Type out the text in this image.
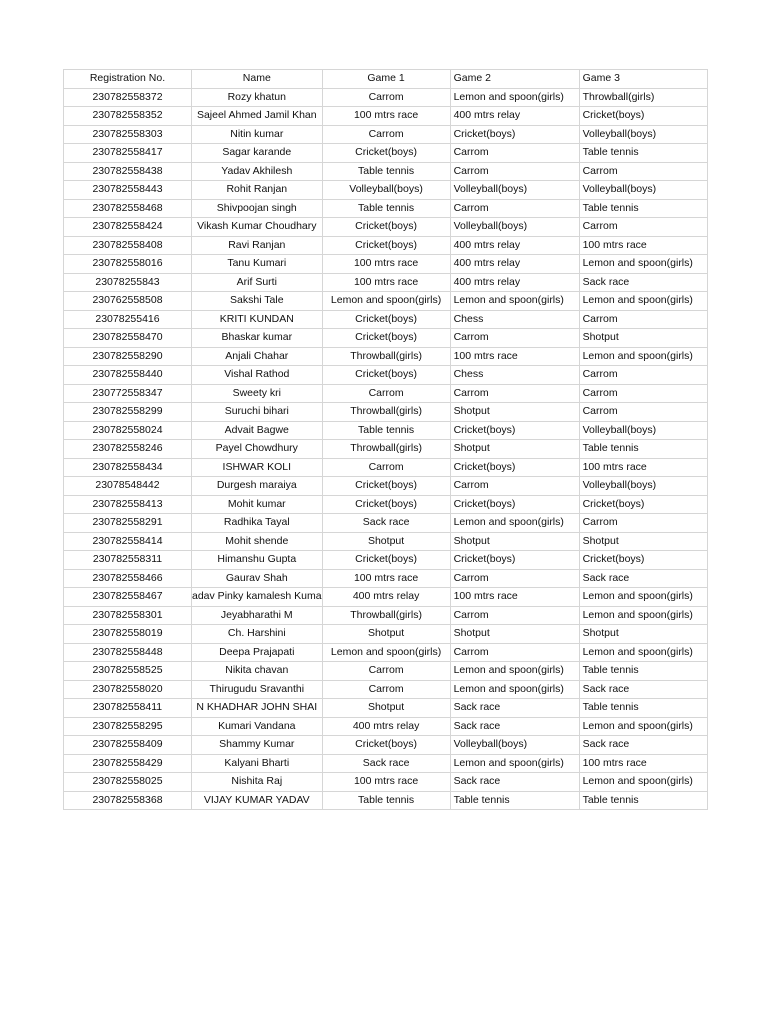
Registration No.	Name	Game 1	Game 2	Game 3
230782558372	Rozy khatun	Carrom	Lemon and spoon(girls)	Throwball(girls)
230782558352	Sajeel Ahmed Jamil Khan	100 mtrs race	400 mtrs relay	Cricket(boys)
230782558303	Nitin kumar	Carrom	Cricket(boys)	Volleyball(boys)
230782558417	Sagar karande	Cricket(boys)	Carrom	Table tennis
230782558438	Yadav Akhilesh	Table tennis	Carrom	Carrom
230782558443	Rohit Ranjan	Volleyball(boys)	Volleyball(boys)	Volleyball(boys)
230782558468	Shivpoojan singh	Table tennis	Carrom	Table tennis
230782558424	Vikash Kumar Choudhary	Cricket(boys)	Volleyball(boys)	Carrom
230782558408	Ravi Ranjan	Cricket(boys)	400 mtrs relay	100 mtrs race
230782558016	Tanu Kumari	100 mtrs race	400 mtrs relay	Lemon and spoon(girls)
23078255843	Arif Surti	100 mtrs race	400 mtrs relay	Sack race
230762558508	Sakshi Tale	Lemon and spoon(girls)	Lemon and spoon(girls)	Lemon and spoon(girls)
23078255416	KRITI KUNDAN	Cricket(boys)	Chess	Carrom
230782558470	Bhaskar kumar	Cricket(boys)	Carrom	Shotput
230782558290	Anjali Chahar	Throwball(girls)	100 mtrs race	Lemon and spoon(girls)
230782558440	Vishal Rathod	Cricket(boys)	Chess	Carrom
230772558347	Sweety kri	Carrom	Carrom	Carrom
230782558299	Suruchi bihari	Throwball(girls)	Shotput	Carrom
230782558024	Advait Bagwe	Table tennis	Cricket(boys)	Volleyball(boys)
230782558246	Payel Chowdhury	Throwball(girls)	Shotput	Table tennis
230782558434	ISHWAR KOLI	Carrom	Cricket(boys)	100 mtrs race
23078548442	Durgesh maraiya	Cricket(boys)	Carrom	Volleyball(boys)
230782558413	Mohit kumar	Cricket(boys)	Cricket(boys)	Cricket(boys)
230782558291	Radhika Tayal	Sack race	Lemon and spoon(girls)	Carrom
230782558414	Mohit shende	Shotput	Shotput	Shotput
230782558311	Himanshu Gupta	Cricket(boys)	Cricket(boys)	Cricket(boys)
230782558466	Gaurav Shah	100 mtrs race	Carrom	Sack race
230782558467	adav Pinky kamalesh Kuma	400 mtrs relay	100 mtrs race	Lemon and spoon(girls)
230782558301	Jeyabharathi M	Throwball(girls)	Carrom	Lemon and spoon(girls)
230782558019	Ch. Harshini	Shotput	Shotput	Shotput
230782558448	Deepa Prajapati	Lemon and spoon(girls)	Carrom	Lemon and spoon(girls)
230782558525	Nikita chavan	Carrom	Lemon and spoon(girls)	Table tennis
230782558020	Thirugudu Sravanthi	Carrom	Lemon and spoon(girls)	Sack race
230782558411	N KHADHAR JOHN SHAI	Shotput	Sack race	Table tennis
230782558295	Kumari Vandana	400 mtrs relay	Sack race	Lemon and spoon(girls)
230782558409	Shammy Kumar	Cricket(boys)	Volleyball(boys)	Sack race
230782558429	Kalyani Bharti	Sack race	Lemon and spoon(girls)	100 mtrs race
230782558025	Nishita Raj	100 mtrs race	Sack race	Lemon and spoon(girls)
230782558368	VIJAY KUMAR YADAV	Table tennis	Table tennis	Table tennis
